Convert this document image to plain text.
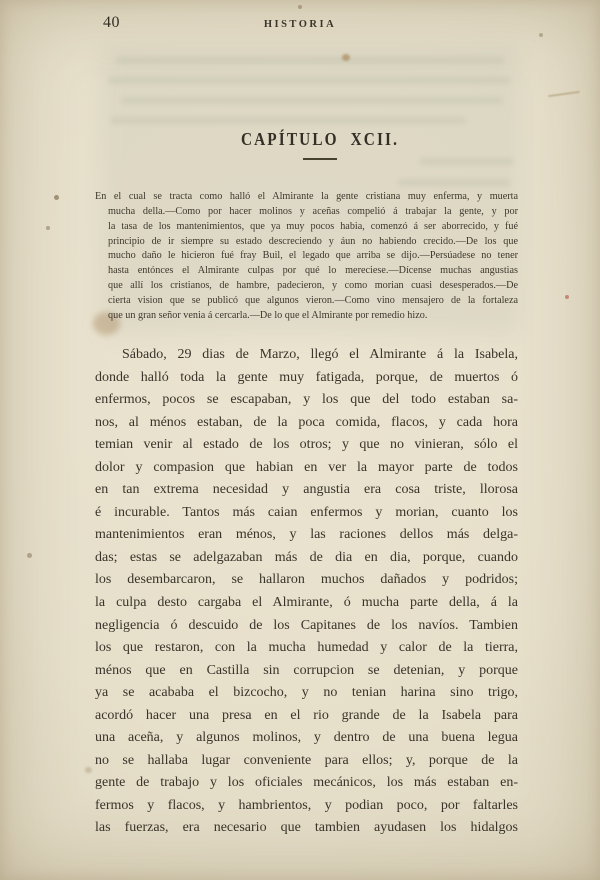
40	HISTORIA
CAPÍTULO XCII.
En el cual se tracta como halló el Almirante la gente cristiana muy enferma, y muerta
mucha della.—Como por hacer molinos y aceñas compelió á trabajar la gente, y por
la tasa de los mantenimientos, que ya muy pocos habia, comenzó á ser aborrecido, y fué
principio de ir siempre su estado descreciendo y áun no habiendo crecido.—De los que
mucho daño le hicieron fué fray Buil, el legado que arriba se dijo.—Persúadese no tener
hasta entónces el Almirante culpas por qué lo mereciese.—Dícense muchas angustias
que allí los cristianos, de hambre, padecieron, y como morian cuasi desesperados.—De
cierta vision que se publicó que algunos vieron.—Como vino mensajero de la fortaleza
que un gran señor venia á cercarla.—De lo que el Almirante por remedio hizo.
Sábado, 29 dias de Marzo, llegó el Almirante á la Isabela,
donde halló toda la gente muy fatigada, porque, de muertos ó
enfermos, pocos se escapaban, y los que del todo estaban sa-
nos, al ménos estaban, de la poca comida, flacos, y cada hora
temian venir al estado de los otros; y que no vinieran, sólo el
dolor y compasion que habian en ver la mayor parte de todos
en tan extrema necesidad y angustia era cosa triste, llorosa
é incurable. Tantos más caian enfermos y morian, cuanto los
mantenimientos eran ménos, y las raciones dellos más delga-
das; estas se adelgazaban más de dia en dia, porque, cuando
los desembarcaron, se hallaron muchos dañados y podridos;
la culpa desto cargaba el Almirante, ó mucha parte della, á la
negligencia ó descuido de los Capitanes de los navíos. Tambien
los que restaron, con la mucha humedad y calor de la tierra,
ménos que en Castilla sin corrupcion se detenian, y porque
ya se acababa el bizcocho, y no tenian harina sino trigo,
acordó hacer una presa en el rio grande de la Isabela para
una aceña, y algunos molinos, y dentro de una buena legua
no se hallaba lugar conveniente para ellos; y, porque de la
gente de trabajo y los oficiales mecánicos, los más estaban en-
fermos y flacos, y hambrientos, y podian poco, por faltarles
las fuerzas, era necesario que tambien ayudasen los hidalgos
